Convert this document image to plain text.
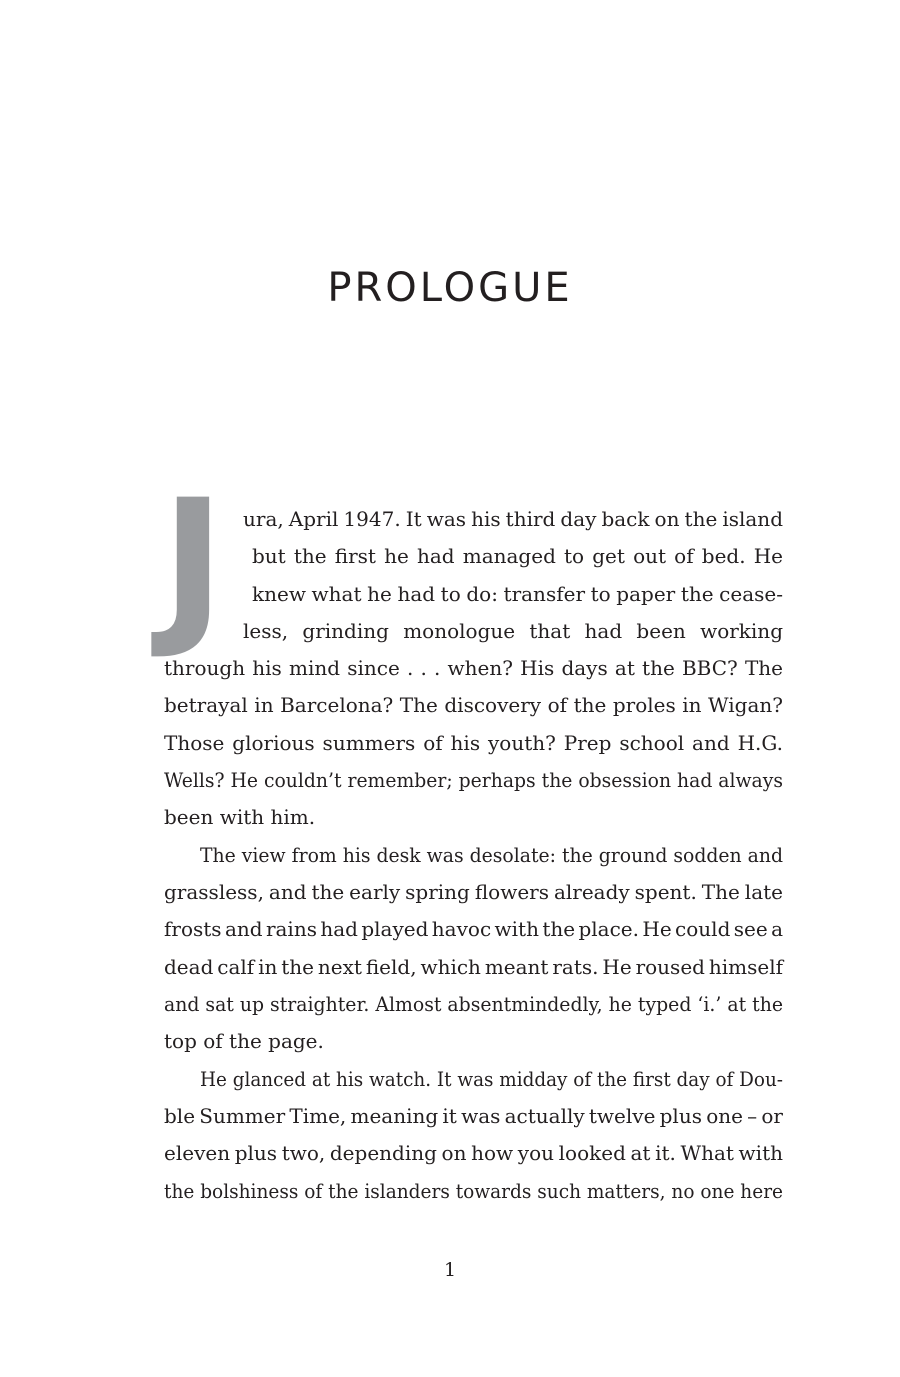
PROLOGUE
J ura, April 1947. It was his third day back on the island
but the first he had managed to get out of bed. He
knew what he had to do: transfer to paper the cease-
less, grinding monologue that had been working
through his mind since . . . when? His days at the BBC? The
betrayal in Barcelona? The discovery of the proles in Wigan?
Those glorious summers of his youth? Prep school and H.G.
Wells? He couldn’t remember; perhaps the obsession had always
been with him.
The view from his desk was desolate: the ground sodden and
grassless, and the early spring flowers already spent. The late
frosts and rains had played havoc with the place. He could see a
dead calf in the next field, which meant rats. He roused himself
and sat up straighter. Almost absentmindedly, he typed ‘i.’ at the
top of the page.
He glanced at his watch. It was midday of the first day of Dou-
ble Summer Time, meaning it was actually twelve plus one – or
eleven plus two, depending on how you looked at it. What with
the bolshiness of the islanders towards such matters, no one here
1
